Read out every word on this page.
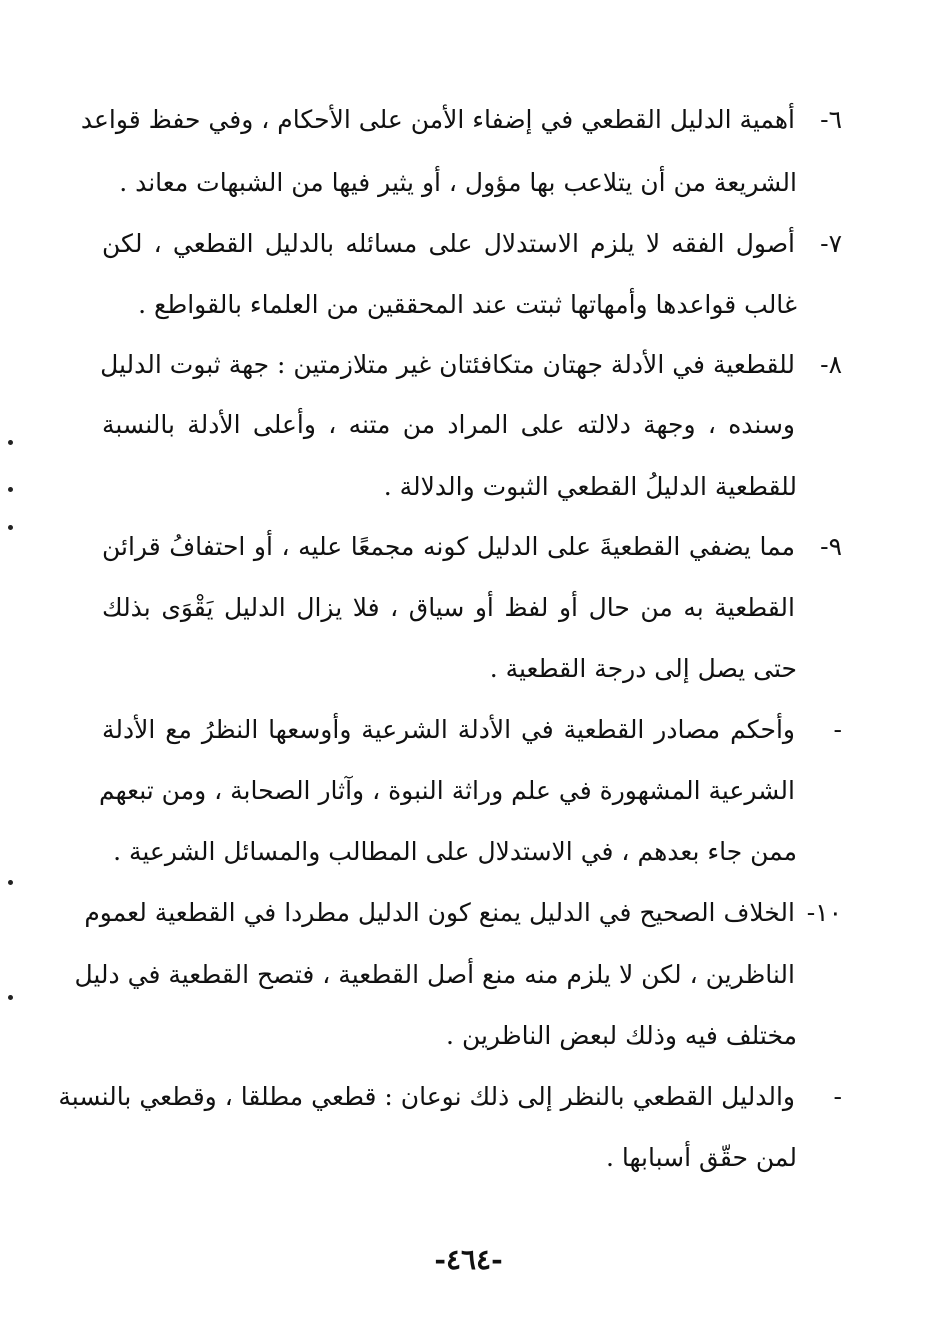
٦-
أهمية الدليل القطعي في إضفاء الأمن على الأحكام ، وفي حفظ قواعد
الشريعة من أن يتلاعب بها مؤول ، أو يثير فيها من الشبهات معاند .
٧-
أصول الفقه لا يلزم الاستدلال على مسائله بالدليل القطعي ، لكن
غالب قواعدها وأمهاتها ثبتت عند المحققين من العلماء بالقواطع .
٨-
للقطعية في الأدلة جهتان متكافئتان غير متلازمتين : جهة ثبوت الدليل
وسنده ، وجهة دلالته على المراد من متنه ، وأعلى الأدلة بالنسبة
للقطعية الدليلُ القطعي الثبوت والدلالة .
٩-
مما يضفي القطعيةَ على الدليل كونه مجمعًا عليه ، أو احتفافُ قرائن
القطعية به من حال أو لفظ أو سياق ، فلا يزال الدليل يَقْوَى بذلك
حتى يصل إلى درجة القطعية .
-
وأحكم مصادر القطعية في الأدلة الشرعية وأوسعها النظرُ مع الأدلة
الشرعية المشهورة في علم وراثة النبوة ، وآثار الصحابة ، ومن تبعهم
ممن جاء بعدهم ، في الاستدلال على المطالب والمسائل الشرعية .
١٠-
الخلاف الصحيح في الدليل يمنع كون الدليل مطردا في القطعية لعموم
الناظرين ، لكن لا يلزم منه منع أصل القطعية ، فتصح القطعية في دليل
مختلف فيه وذلك لبعض الناظرين .
-
والدليل القطعي بالنظر إلى ذلك نوعان : قطعي مطلقا ، وقطعي بالنسبة
لمن حقّق أسبابها .
-٤٦٤-
